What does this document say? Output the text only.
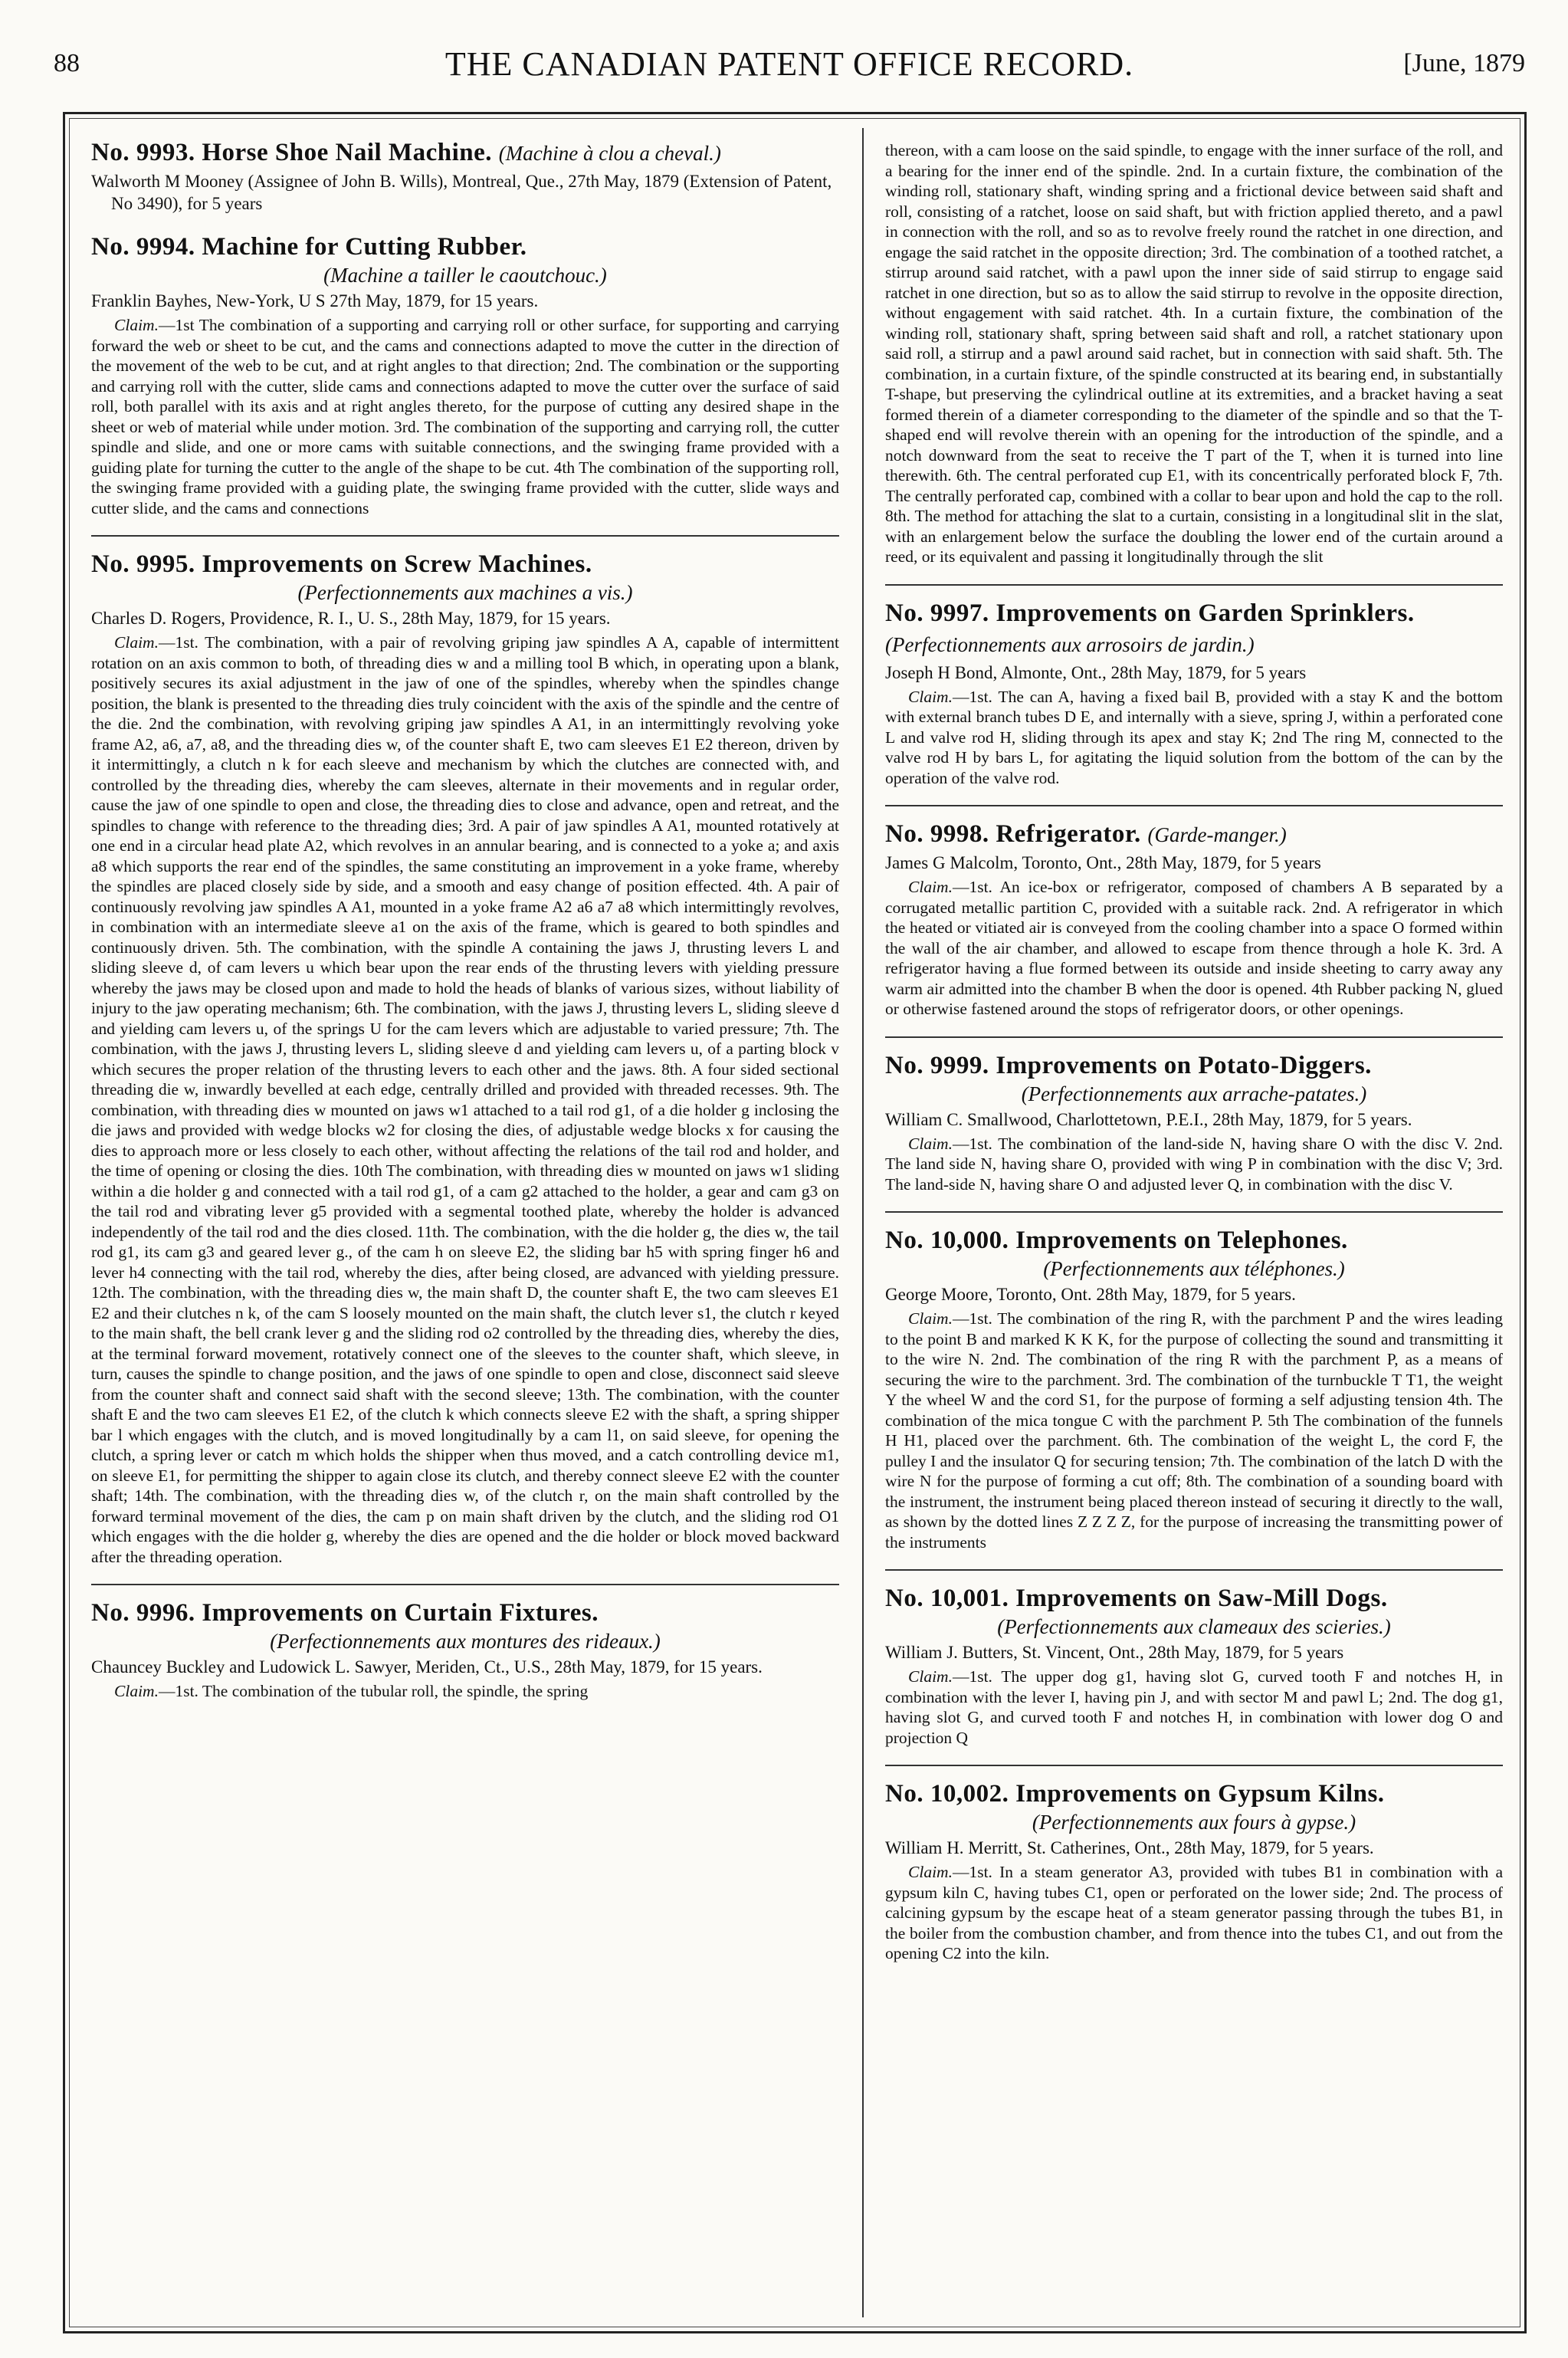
88	THE CANADIAN PATENT OFFICE RECORD.	[June, 1879
No. 9993. Horse Shoe Nail Machine. (Machine à clou a cheval.)
Walworth M Mooney (Assignee of John B. Wills), Montreal, Que., 27th May, 1879 (Extension of Patent, No 3490), for 5 years
No. 9994. Machine for Cutting Rubber.
(Machine a tailler le caoutchouc.)
Franklin Bayhes, New-York, U S 27th May, 1879, for 15 years.
Claim.—1st The combination of a supporting and carrying roll or other surface, for supporting and carrying forward the web or sheet to be cut, and the cams and connections adapted to move the cutter in the direction of the movement of the web to be cut, and at right angles to that direction; 2nd. The combination or the supporting and carrying roll with the cutter, slide cams and connections adapted to move the cutter over the surface of said roll, both parallel with its axis and at right angles thereto, for the purpose of cutting any desired shape in the sheet or web of material while under motion. 3rd. The combination of the supporting and carrying roll, the cutter spindle and slide, and one or more cams with suitable connections, and the swinging frame provided with a guiding plate for turning the cutter to the angle of the shape to be cut. 4th The combination of the supporting roll, the swinging frame provided with a guiding plate, the swinging frame provided with the cutter, slide ways and cutter slide, and the cams and connections
No. 9995. Improvements on Screw Machines.
(Perfectionnements aux machines a vis.)
Charles D. Rogers, Providence, R. I., U. S., 28th May, 1879, for 15 years.
Claim.—1st. The combination, with a pair of revolving griping jaw spindles A A, capable of intermittent rotation on an axis common to both, of threading dies w and a milling tool B which, in operating upon a blank, positively secures its axial adjustment in the jaw of one of the spindles, whereby when the spindles change position, the blank is presented to the threading dies truly coincident with the axis of the spindle and the centre of the die. 2nd the combination, with revolving griping jaw spindles A A1, in an intermittingly revolving yoke frame A2, a6, a7, a8, and the threading dies w, of the counter shaft E, two cam sleeves E1 E2 thereon, driven by it intermittingly, a clutch n k for each sleeve and mechanism by which the clutches are connected with, and controlled by the threading dies, whereby the cam sleeves, alternate in their movements and in regular order, cause the jaw of one spindle to open and close, the threading dies to close and advance, open and retreat, and the spindles to change with reference to the threading dies; 3rd. A pair of jaw spindles A A1, mounted rotatively at one end in a circular head plate A2, which revolves in an annular bearing, and is connected to a yoke a; and axis a8 which supports the rear end of the spindles, the same constituting an improvement in a yoke frame, whereby the spindles are placed closely side by side, and a smooth and easy change of position effected. 4th. A pair of continuously revolving jaw spindles A A1, mounted in a yoke frame A2 a6 a7 a8 which intermittingly revolves, in combination with an intermediate sleeve a1 on the axis of the frame, which is geared to both spindles and continuously driven. 5th. The combination, with the spindle A containing the jaws J, thrusting levers L and sliding sleeve d, of cam levers u which bear upon the rear ends of the thrusting levers with yielding pressure whereby the jaws may be closed upon and made to hold the heads of blanks of various sizes, without liability of injury to the jaw operating mechanism; 6th. The combination, with the jaws J, thrusting levers L, sliding sleeve d and yielding cam levers u, of the springs U for the cam levers which are adjustable to varied pressure; 7th. The combination, with the jaws J, thrusting levers L, sliding sleeve d and yielding cam levers u, of a parting block v which secures the proper relation of the thrusting levers to each other and the jaws. 8th. A four sided sectional threading die w, inwardly bevelled at each edge, centrally drilled and provided with threaded recesses. 9th. The combination, with threading dies w mounted on jaws w1 attached to a tail rod g1, of a die holder g inclosing the die jaws and provided with wedge blocks w2 for closing the dies, of adjustable wedge blocks x for causing the dies to approach more or less closely to each other, without affecting the relations of the tail rod and holder, and the time of opening or closing the dies. 10th The combination, with threading dies w mounted on jaws w1 sliding within a die holder g and connected with a tail rod g1, of a cam g2 attached to the holder, a gear and cam g3 on the tail rod and vibrating lever g5 provided with a segmental toothed plate, whereby the holder is advanced independently of the tail rod and the dies closed. 11th. The combination, with the die holder g, the dies w, the tail rod g1, its cam g3 and geared lever g., of the cam h on sleeve E2, the sliding bar h5 with spring finger h6 and lever h4 connecting with the tail rod, whereby the dies, after being closed, are advanced with yielding pressure. 12th. The combination, with the threading dies w, the main shaft D, the counter shaft E, the two cam sleeves E1 E2 and their clutches n k, of the cam S loosely mounted on the main shaft, the clutch lever s1, the clutch r keyed to the main shaft, the bell crank lever g and the sliding rod o2 controlled by the threading dies, whereby the dies, at the terminal forward movement, rotatively connect one of the sleeves to the counter shaft, which sleeve, in turn, causes the spindle to change position, and the jaws of one spindle to open and close, disconnect said sleeve from the counter shaft and connect said shaft with the second sleeve; 13th. The combination, with the counter shaft E and the two cam sleeves E1 E2, of the clutch k which connects sleeve E2 with the shaft, a spring shipper bar l which engages with the clutch, and is moved longitudinally by a cam l1, on said sleeve, for opening the clutch, a spring lever or catch m which holds the shipper when thus moved, and a catch controlling device m1, on sleeve E1, for permitting the shipper to again close its clutch, and thereby connect sleeve E2 with the counter shaft; 14th. The combination, with the threading dies w, of the clutch r, on the main shaft controlled by the forward terminal movement of the dies, the cam p on main shaft driven by the clutch, and the sliding rod O1 which engages with the die holder g, whereby the dies are opened and the die holder or block moved backward after the threading operation.
No. 9996. Improvements on Curtain Fixtures.
(Perfectionnements aux montures des rideaux.)
Chauncey Buckley and Ludowick L. Sawyer, Meriden, Ct., U.S., 28th May, 1879, for 15 years.
Claim.—1st. The combination of the tubular roll, the spindle, the spring
thereon, with a cam loose on the said spindle, to engage with the inner surface of the roll, and a bearing for the inner end of the spindle. 2nd. In a curtain fixture, the combination of the winding roll, stationary shaft, winding spring and a frictional device between said shaft and roll, consisting of a ratchet, loose on said shaft, but with friction applied thereto, and a pawl in connection with the roll, and so as to revolve freely round the ratchet in one direction, and engage the said ratchet in the opposite direction; 3rd. The combination of a toothed ratchet, a stirrup around said ratchet, with a pawl upon the inner side of said stirrup to engage said ratchet in one direction, but so as to allow the said stirrup to revolve in the opposite direction, without engagement with said ratchet. 4th. In a curtain fixture, the combination of the winding roll, stationary shaft, spring between said shaft and roll, a ratchet stationary upon said roll, a stirrup and a pawl around said rachet, but in connection with said shaft. 5th. The combination, in a curtain fixture, of the spindle constructed at its bearing end, in substantially T-shape, but preserving the cylindrical outline at its extremities, and a bracket having a seat formed therein of a diameter corresponding to the diameter of the spindle and so that the T-shaped end will revolve therein with an opening for the introduction of the spindle, and a notch downward from the seat to receive the T part of the T, when it is turned into line therewith. 6th. The central perforated cup E1, with its concentrically perforated block F, 7th. The centrally perforated cap, combined with a collar to bear upon and hold the cap to the roll. 8th. The method for attaching the slat to a curtain, consisting in a longitudinal slit in the slat, with an enlargement below the surface the doubling the lower end of the curtain around a reed, or its equivalent and passing it longitudinally through the slit
No. 9997. Improvements on Garden Sprinklers. (Perfectionnements aux arrosoirs de jardin.)
Joseph H Bond, Almonte, Ont., 28th May, 1879, for 5 years
Claim.—1st. The can A, having a fixed bail B, provided with a stay K and the bottom with external branch tubes D E, and internally with a sieve, spring J, within a perforated cone L and valve rod H, sliding through its apex and stay K; 2nd The ring M, connected to the valve rod H by bars L, for agitating the liquid solution from the bottom of the can by the operation of the valve rod.
No. 9998. Refrigerator. (Garde-manger.)
James G Malcolm, Toronto, Ont., 28th May, 1879, for 5 years
Claim.—1st. An ice-box or refrigerator, composed of chambers A B separated by a corrugated metallic partition C, provided with a suitable rack. 2nd. A refrigerator in which the heated or vitiated air is conveyed from the cooling chamber into a space O formed within the wall of the air chamber, and allowed to escape from thence through a hole K. 3rd. A refrigerator having a flue formed between its outside and inside sheeting to carry away any warm air admitted into the chamber B when the door is opened. 4th Rubber packing N, glued or otherwise fastened around the stops of refrigerator doors, or other openings.
No. 9999. Improvements on Potato-Diggers.
(Perfectionnements aux arrache-patates.)
William C. Smallwood, Charlottetown, P.E.I., 28th May, 1879, for 5 years.
Claim.—1st. The combination of the land-side N, having share O with the disc V. 2nd. The land side N, having share O, provided with wing P in combination with the disc V; 3rd. The land-side N, having share O and adjusted lever Q, in combination with the disc V.
No. 10,000. Improvements on Telephones.
(Perfectionnements aux téléphones.)
George Moore, Toronto, Ont. 28th May, 1879, for 5 years.
Claim.—1st. The combination of the ring R, with the parchment P and the wires leading to the point B and marked K K K, for the purpose of collecting the sound and transmitting it to the wire N. 2nd. The combination of the ring R with the parchment P, as a means of securing the wire to the parchment. 3rd. The combination of the turnbuckle T T1, the weight Y the wheel W and the cord S1, for the purpose of forming a self adjusting tension 4th. The combination of the mica tongue C with the parchment P. 5th The combination of the funnels H H1, placed over the parchment. 6th. The combination of the weight L, the cord F, the pulley I and the insulator Q for securing tension; 7th. The combination of the latch D with the wire N for the purpose of forming a cut off; 8th. The combination of a sounding board with the instrument, the instrument being placed thereon instead of securing it directly to the wall, as shown by the dotted lines Z Z Z Z, for the purpose of increasing the transmitting power of the instruments
No. 10,001. Improvements on Saw-Mill Dogs.
(Perfectionnements aux clameaux des scieries.)
William J. Butters, St. Vincent, Ont., 28th May, 1879, for 5 years
Claim.—1st. The upper dog g1, having slot G, curved tooth F and notches H, in combination with the lever I, having pin J, and with sector M and pawl L; 2nd. The dog g1, having slot G, and curved tooth F and notches H, in combination with lower dog O and projection Q
No. 10,002. Improvements on Gypsum Kilns.
(Perfectionnements aux fours à gypse.)
William H. Merritt, St. Catherines, Ont., 28th May, 1879, for 5 years.
Claim.—1st. In a steam generator A3, provided with tubes B1 in combination with a gypsum kiln C, having tubes C1, open or perforated on the lower side; 2nd. The process of calcining gypsum by the escape heat of a steam generator passing through the tubes B1, in the boiler from the combustion chamber, and from thence into the tubes C1, and out from the opening C2 into the kiln.
